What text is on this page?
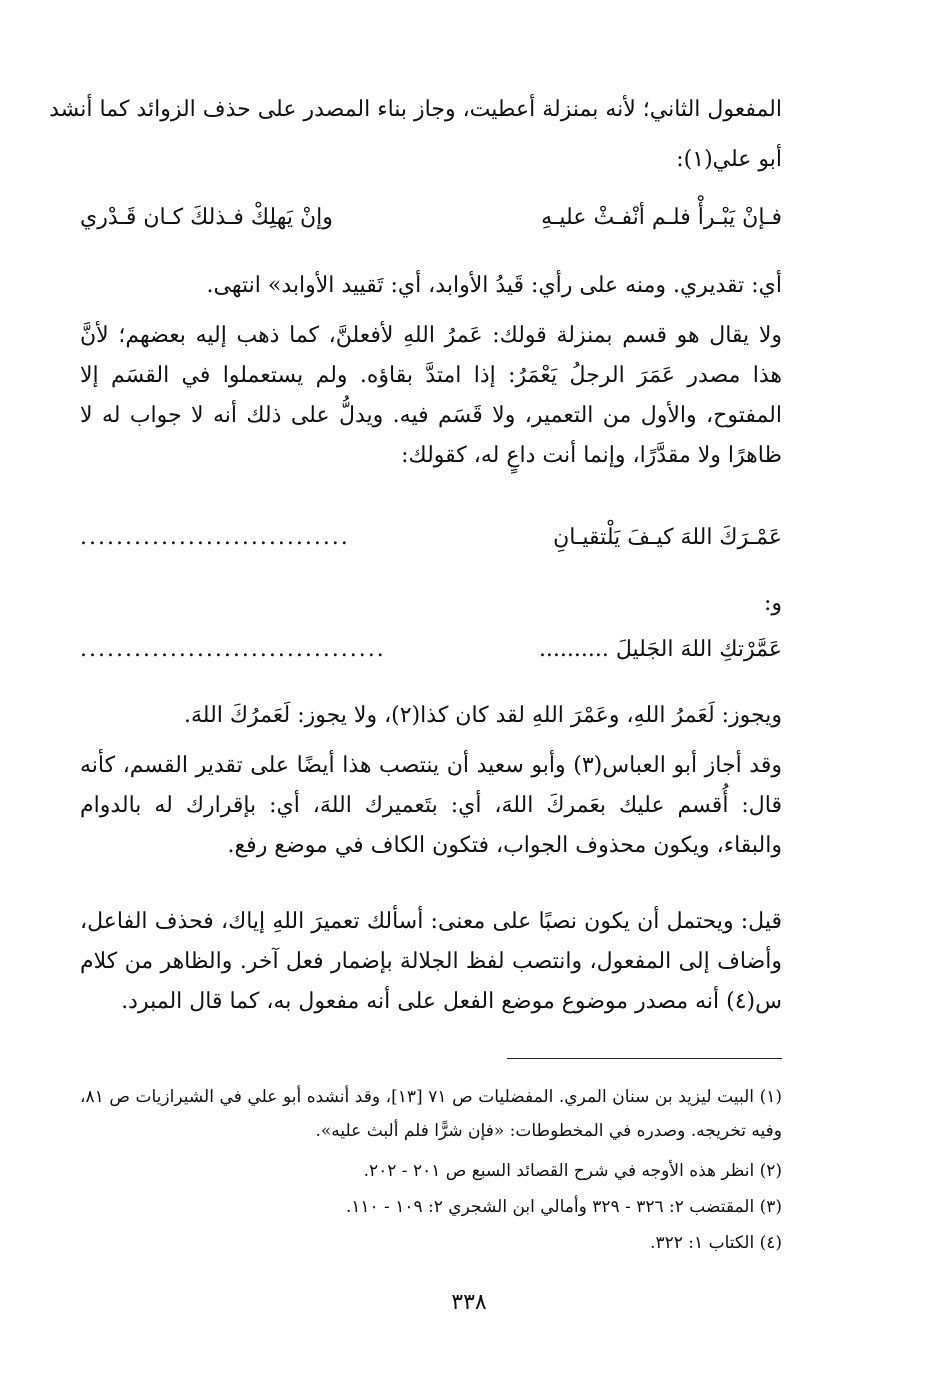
المفعول الثاني؛ لأنه بمنزلة أعطيت، وجاز بناء المصدر على حذف الزوائد كما أنشد
أبو علي(١):
فـإنْ يَبْـرأْ فلـم أنْفـثْ عليـهِ
وإنْ يَهلِكْ فـذلكَ كـان قَـدْري
أي: تقديري. ومنه على رأي: قَيدُ الأوابد، أي: تَقييد الأوابد» انتهى.
ولا يقال هو قسم بمنزلة قولك: عَمرُ اللهِ لأفعلنَّ، كما ذهب إليه بعضهم؛ لأنَّ هذا مصدر عَمَرَ الرجلُ يَعْمَرُ: إذا امتدَّ بقاؤه. ولم يستعملوا في القسَم إلا المفتوح، والأول من التعمير، ولا قَسَم فيه. ويدلُّ على ذلك أنه لا جواب له لا ظاهرًا ولا مقدَّرًا، وإنما أنت داعٍ له، كقولك:
عَمْـرَكَ اللهَ كيـفَ يَلْتقيـانِ
..............................
و:
عَمَّرْتكِ اللهَ الجَليلَ ..........
..................................
ويجوز: لَعَمرُ اللهِ، وعَمْرَ اللهِ لقد كان كذا(٢)، ولا يجوز: لَعَمرُكَ اللهَ.
وقد أجاز أبو العباس(٣) وأبو سعيد أن ينتصب هذا أيضًا على تقدير القسم، كأنه قال: أُقسم عليك بعَمركَ اللهَ، أي: بتَعميرك اللهَ، أي: بإقرارك له بالدوام والبقاء، ويكون محذوف الجواب، فتكون الكاف في موضع رفع.
قيل: ويحتمل أن يكون نصبًا على معنى: أسألك تعميرَ اللهِ إياك، فحذف الفاعل، وأضاف إلى المفعول، وانتصب لفظ الجلالة بإضمار فعل آخر. والظاهر من كلام س(٤) أنه مصدر موضوع موضع الفعل على أنه مفعول به، كما قال المبرد.
(١) البيت ليزيد بن سنان المري. المفضليات ص ٧١ [١٣]، وقد أنشده أبو علي في الشيرازيات ص ٨١، وفيه تخريجه. وصدره في المخطوطات: «فإن شرًّا فلم ألبث عليه».
(٢) انظر هذه الأوجه في شرح القصائد السبع ص ٢٠١ - ٢٠٢.
(٣) المقتضب ٢: ٣٢٦ - ٣٢٩ وأمالي ابن الشجري ٢: ١٠٩ - ١١٠.
(٤) الكتاب ١: ٣٢٢.
٣٣٨
